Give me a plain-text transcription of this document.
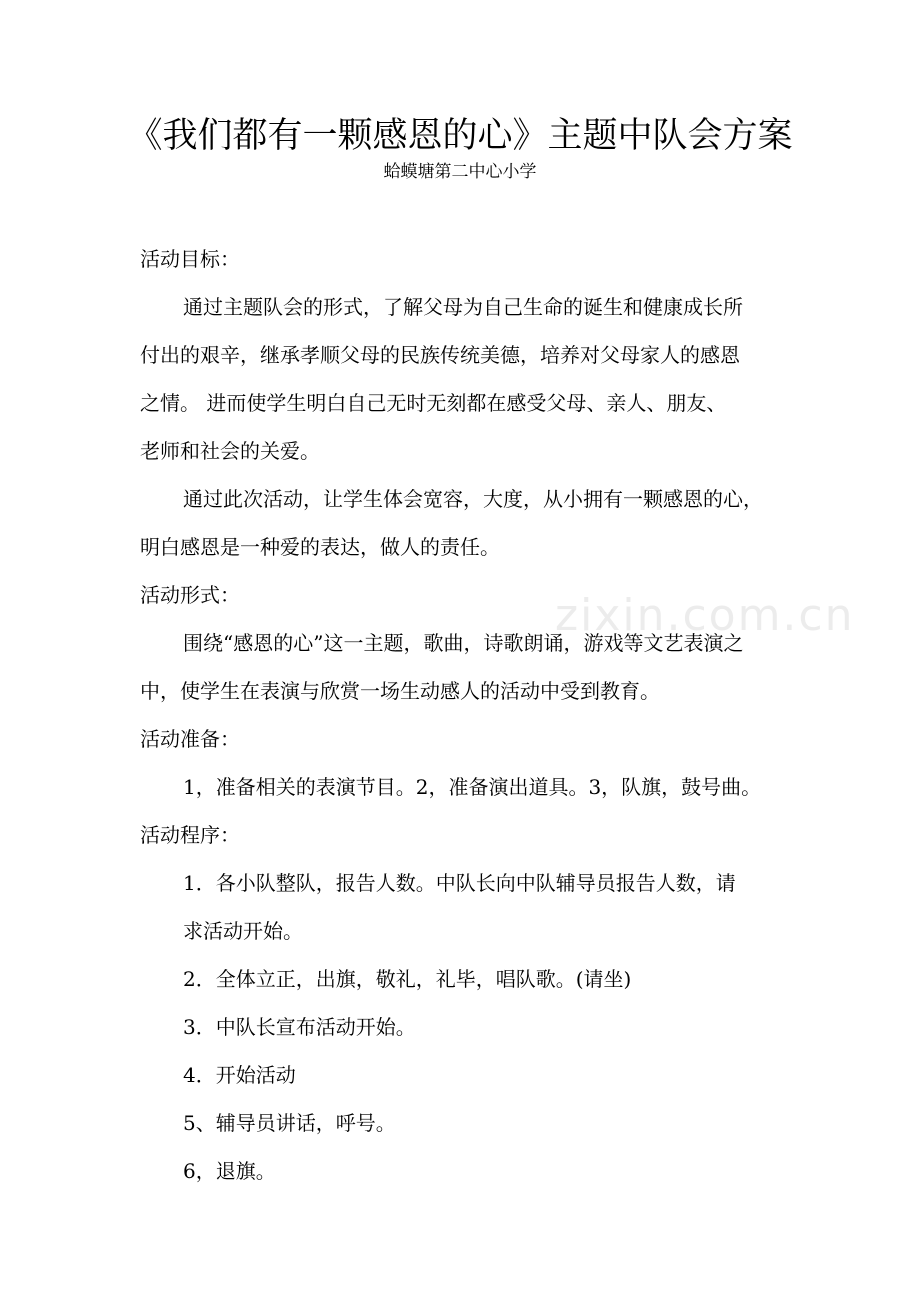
《我们都有一颗感恩的心》主题中队会方案
蛤蟆塘第二中心小学
zixin.com.cn
活动目标：
通过主题队会的形式，了解父母为自己生命的诞生和健康成长所
付出的艰辛，继承孝顺父母的民族传统美德，培养对父母家人的感恩
之情。 进而使学生明白自己无时无刻都在感受父母、亲人、朋友、
老师和社会的关爱。
通过此次活动，让学生体会宽容，大度，从小拥有一颗感恩的心，
明白感恩是一种爱的表达，做人的责任。
活动形式：
围绕“感恩的心”这一主题，歌曲，诗歌朗诵，游戏等文艺表演之
中，使学生在表演与欣赏一场生动感人的活动中受到教育。
活动准备：
1，准备相关的表演节目。2，准备演出道具。3，队旗，鼓号曲。
活动程序：
1．各小队整队，报告人数。中队长向中队辅导员报告人数，请
求活动开始。
2．全体立正，出旗，敬礼，礼毕，唱队歌。(请坐)
3．中队长宣布活动开始。
4．开始活动
5、辅导员讲话，呼号。
6，退旗。
